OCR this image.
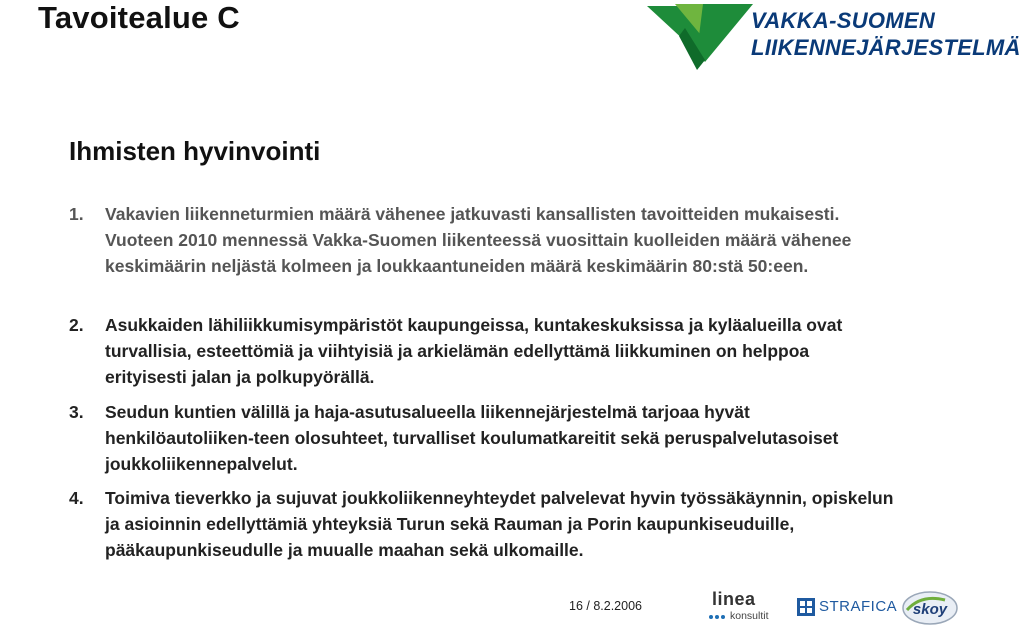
Tavoitealue C	VAKKA-SUOMEN
LIIKENNEJÄRJESTELMÄ
Ihmisten hyvinvointi
1.	Vakavien liikenneturmien määrä vähenee jatkuvasti kansallisten tavoitteiden mukaisesti. Vuoteen 2010 mennessä Vakka-Suomen liikenteessä vuosittain kuolleiden määrä vähenee keskimäärin neljästä kolmeen ja loukkaantuneiden määrä keskimäärin 80:stä 50:een.
2.	Asukkaiden lähiliikkumisympäristöt kaupungeissa, kuntakeskuksissa ja kyläalueilla ovat turvallisia, esteettömiä ja viihtyisiä ja arkielämän edellyttämä liikkuminen on helppoa erityisesti jalan ja polkupyörällä.
3.	Seudun kuntien välillä ja haja-asutusalueella liikennejärjestelmä tarjoaa hyvät henkilöautoliiken-teen olosuhteet, turvalliset koulumatkareitit sekä peruspalvelutasoiset joukkoliikennepalvelut.
4.	Toimiva tieverkko ja sujuvat joukkoliikenneyhteydet palvelevat hyvin työssäkäynnin, opiskelun ja asioinnin edellyttämiä yhteyksiä Turun sekä Rauman ja Porin kaupunkiseuduille, pääkaupunkiseudulle ja muualle maahan sekä ulkomaille.
16 / 8.2.2006	linea
konsultit
STRAFICA skoy
